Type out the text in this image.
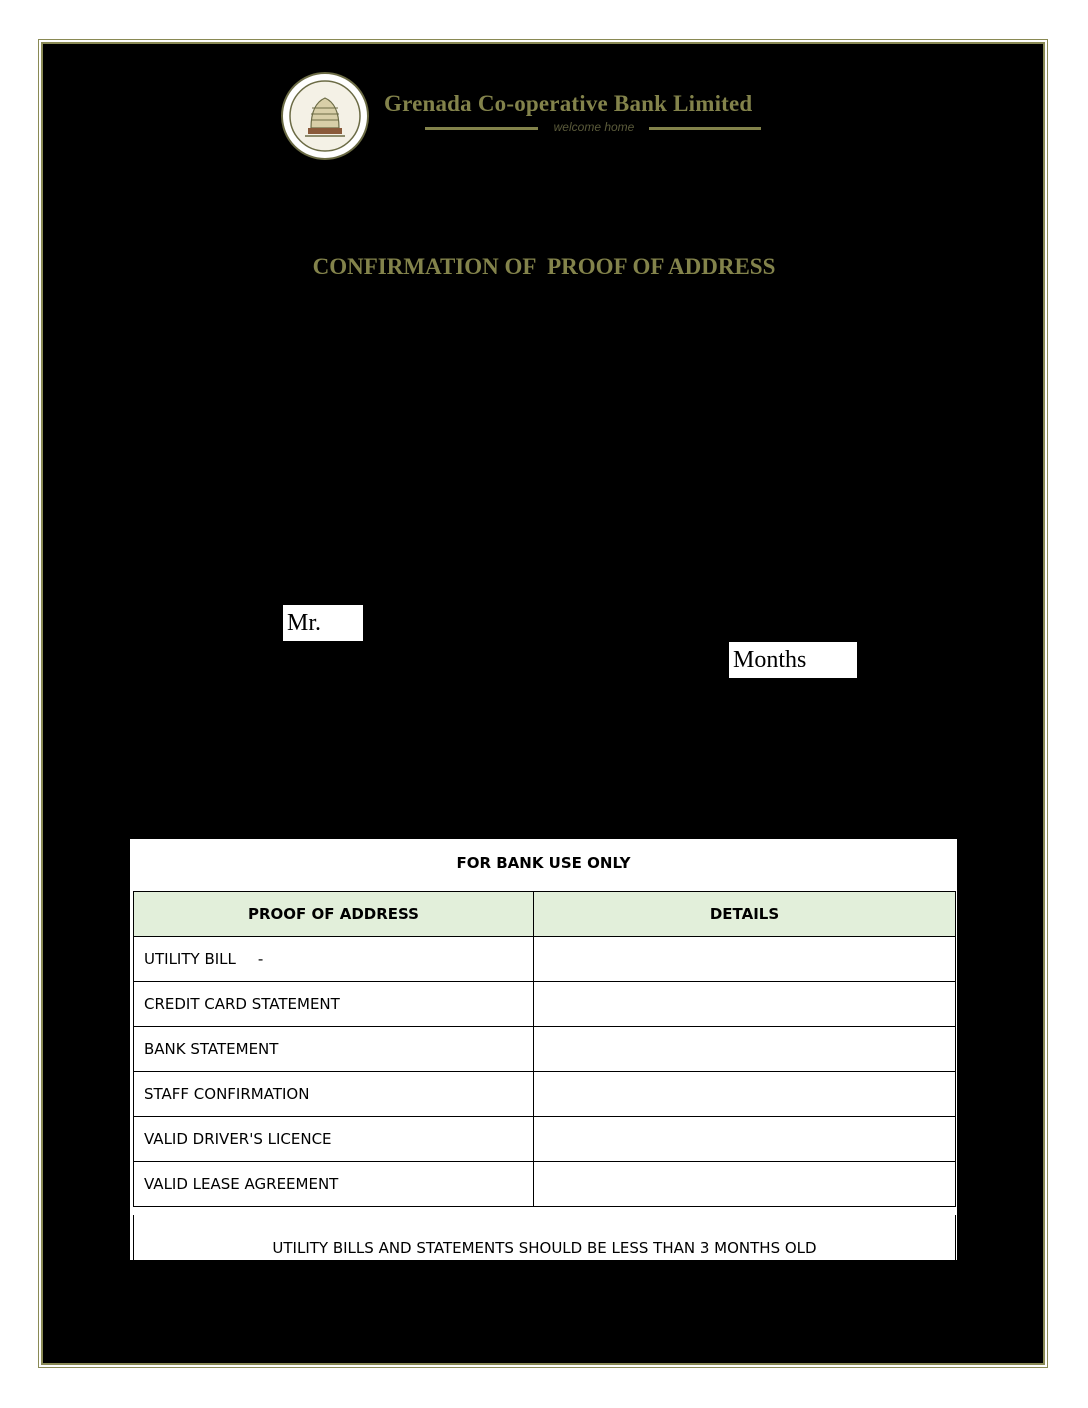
Grenada Co-operative Bank Limited
welcome home
CONFIRMATION OF  PROOF OF ADDRESS
Mr.
Months
FOR BANK USE ONLY
PROOF OF ADDRESS	DETAILS
UTILITY BILL -	
CREDIT CARD STATEMENT	
BANK STATEMENT	
STAFF CONFIRMATION	
VALID DRIVER'S LICENCE	
VALID LEASE AGREEMENT	
UTILITY BILLS AND STATEMENTS SHOULD BE LESS THAN 3 MONTHS OLD
